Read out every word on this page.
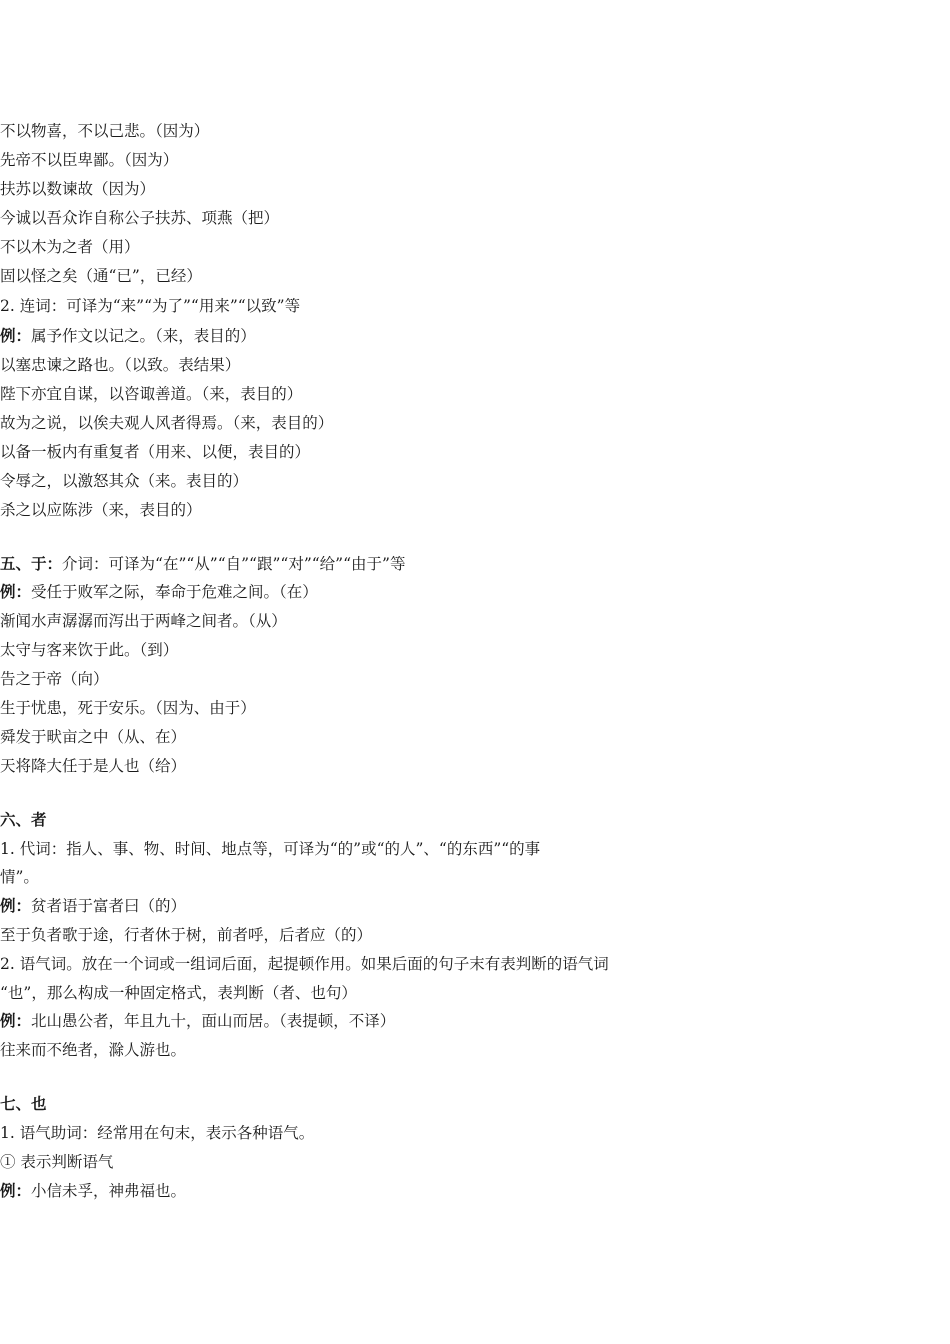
不以物喜，不以己悲。（因为）
先帝不以臣卑鄙。（因为）
扶苏以数谏故（因为）
今诚以吾众诈自称公子扶苏、项燕（把）
不以木为之者（用）
固以怪之矣（通“已”，已经）
2. 连词：可译为“来”“为了”“用来”“以致”等
例：属予作文以记之。（来，表目的）
以塞忠谏之路也。（以致。表结果）
陛下亦宜自谋，以咨诹善道。（来，表目的）
故为之说，以俟夫观人风者得焉。（来，表目的）
以备一板内有重复者（用来、以便，表目的）
令辱之，以激怒其众（来。表目的）
杀之以应陈涉（来，表目的）
五、于：介词：可译为“在”“从”“自”“跟”“对”“给”“由于”等
例：受任于败军之际，奉命于危难之间。（在）
渐闻水声潺潺而泻出于两峰之间者。（从）
太守与客来饮于此。（到）
告之于帝（向）
生于忧患，死于安乐。（因为、由于）
舜发于畎亩之中（从、在）
天将降大任于是人也（给）
六、者
1. 代词：指人、事、物、时间、地点等，可译为“的”或“的人”、“的东西”“的事
情”。
例：贫者语于富者曰（的）
至于负者歌于途，行者休于树，前者呼，后者应（的）
2. 语气词。放在一个词或一组词后面，起提顿作用。如果后面的句子末有表判断的语气词
“也”，那么构成一种固定格式，表判断（者、也句）
例：北山愚公者，年且九十，面山而居。（表提顿，不译）
往来而不绝者，滁人游也。
七、也
1. 语气助词：经常用在句末，表示各种语气。
① 表示判断语气
例：小信未孚，神弗福也。
